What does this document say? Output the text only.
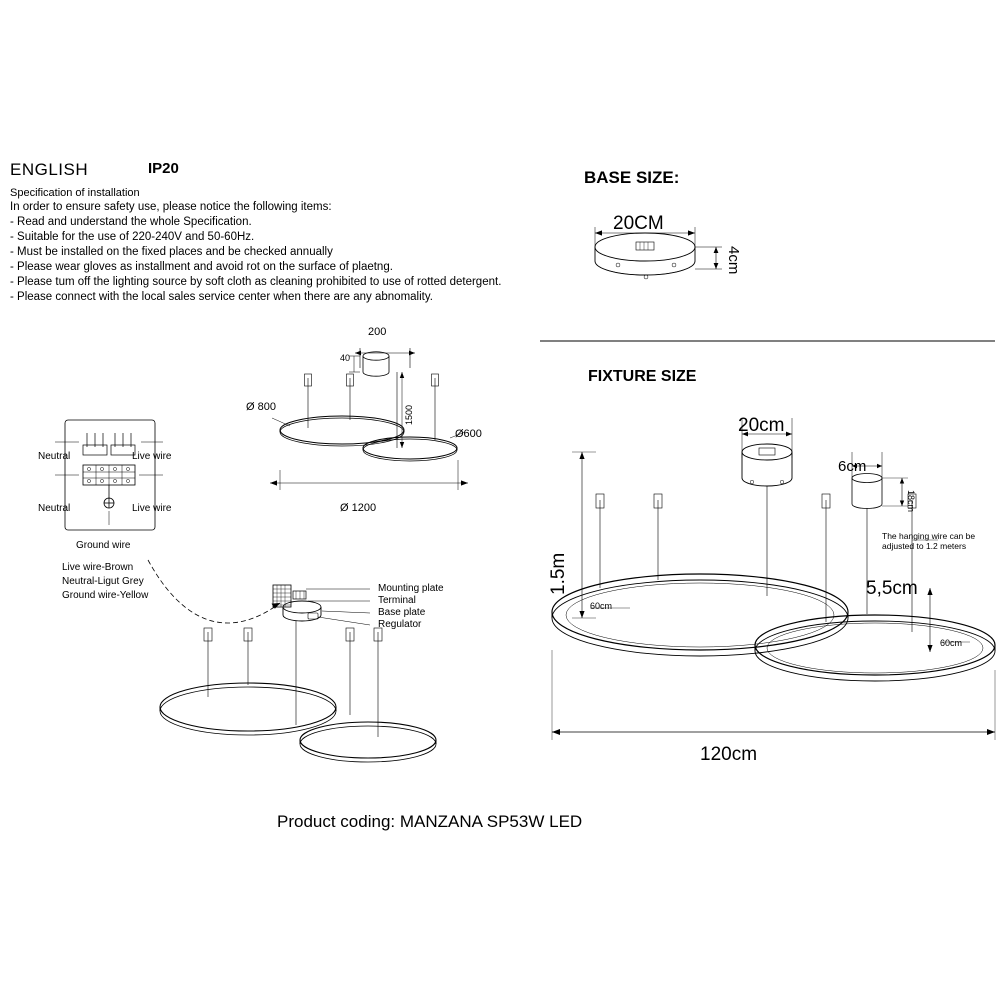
ENGLISH	IP20
Specification of installation
In order to ensure safety use, please notice the following items:
- Read and understand the whole Specification.
- Suitable for the use of 220-240V and 50-60Hz.
- Must be installed on the fixed places and be checked annually
- Please wear gloves as installment and avoid rot on the surface of plaetng.
- Please tum off the lighting source by soft cloth as cleaning prohibited to use of rotted detergent.
- Please connect with the local sales service center when there are any abnomality.
200
40
1500
Ø 800
Ø600
Ø 1200
Neutral	Live wire
Neutral	Live wire
Ground wire
Live wire-Brown
Neutral-Ligut Grey
Ground wire-Yellow
Mounting plate
Terminal
Base plate
Regulator
BASE SIZE:
20CM
4cm
FIXTURE SIZE
20cm
6cm
18cm
1.5m	5,5cm
60cm
60cm
120cm
The hanging wire can be adjusted to 1.2 meters
Product coding: MANZANA SP53W LED
